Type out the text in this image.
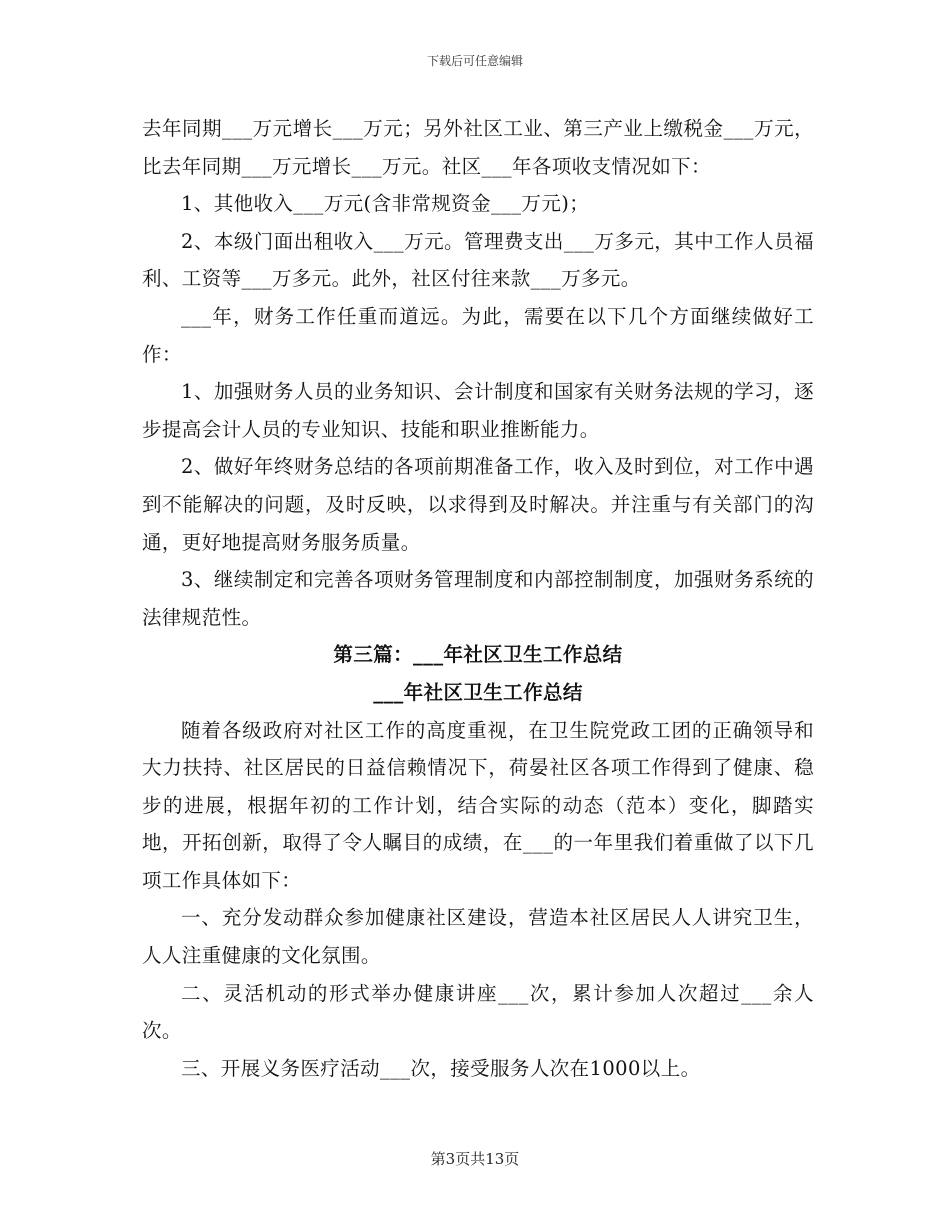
下载后可任意编辑

去年同期___万元增长___万元；另外社区工业、第三产业上缴税金___万元，比去年同期___万元增长___万元。社区___年各项收支情况如下：

1、其他收入___万元(含非常规资金___万元)；

2、本级门面出租收入___万元。管理费支出___万多元，其中工作人员福利、工资等___万多元。此外，社区付往来款___万多元。

___年，财务工作任重而道远。为此，需要在以下几个方面继续做好工作：

1、加强财务人员的业务知识、会计制度和国家有关财务法规的学习，逐步提高会计人员的专业知识、技能和职业推断能力。

2、做好年终财务总结的各项前期准备工作，收入及时到位，对工作中遇到不能解决的问题，及时反映，以求得到及时解决。并注重与有关部门的沟通，更好地提高财务服务质量。

3、继续制定和完善各项财务管理制度和内部控制制度，加强财务系统的法律规范性。

第三篇：___年社区卫生工作总结
___年社区卫生工作总结

随着各级政府对社区工作的高度重视，在卫生院党政工团的正确领导和大力扶持、社区居民的日益信赖情况下，荷晏社区各项工作得到了健康、稳步的进展，根据年初的工作计划，结合实际的动态（范本）变化，脚踏实地，开拓创新，取得了令人瞩目的成绩，在___的一年里我们着重做了以下几项工作具体如下：

一、充分发动群众参加健康社区建设，营造本社区居民人人讲究卫生，人人注重健康的文化氛围。

二、灵活机动的形式举办健康讲座___次，累计参加人次超过___余人次。

三、开展义务医疗活动___次，接受服务人次在1000以上。

第3页共13页
